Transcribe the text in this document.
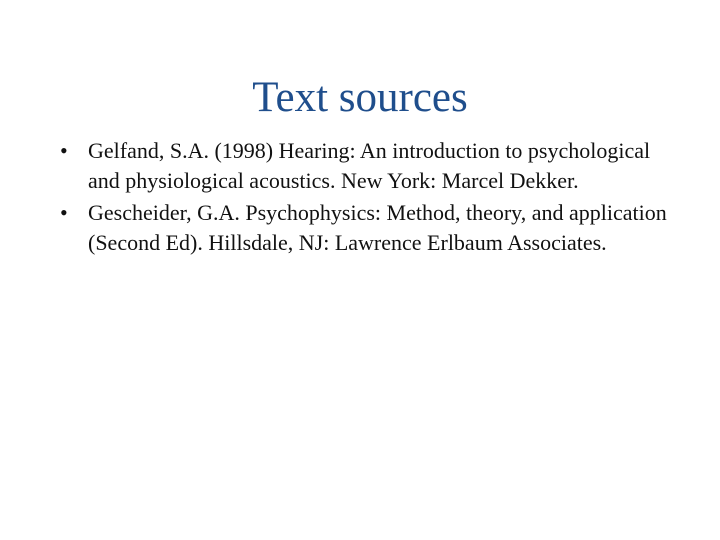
Text sources
• Gelfand, S.A. (1998) Hearing: An introduction to psychological and physiological acoustics. New York: Marcel Dekker.
• Gescheider, G.A. Psychophysics: Method, theory, and application (Second Ed). Hillsdale, NJ: Lawrence Erlbaum Associates.
